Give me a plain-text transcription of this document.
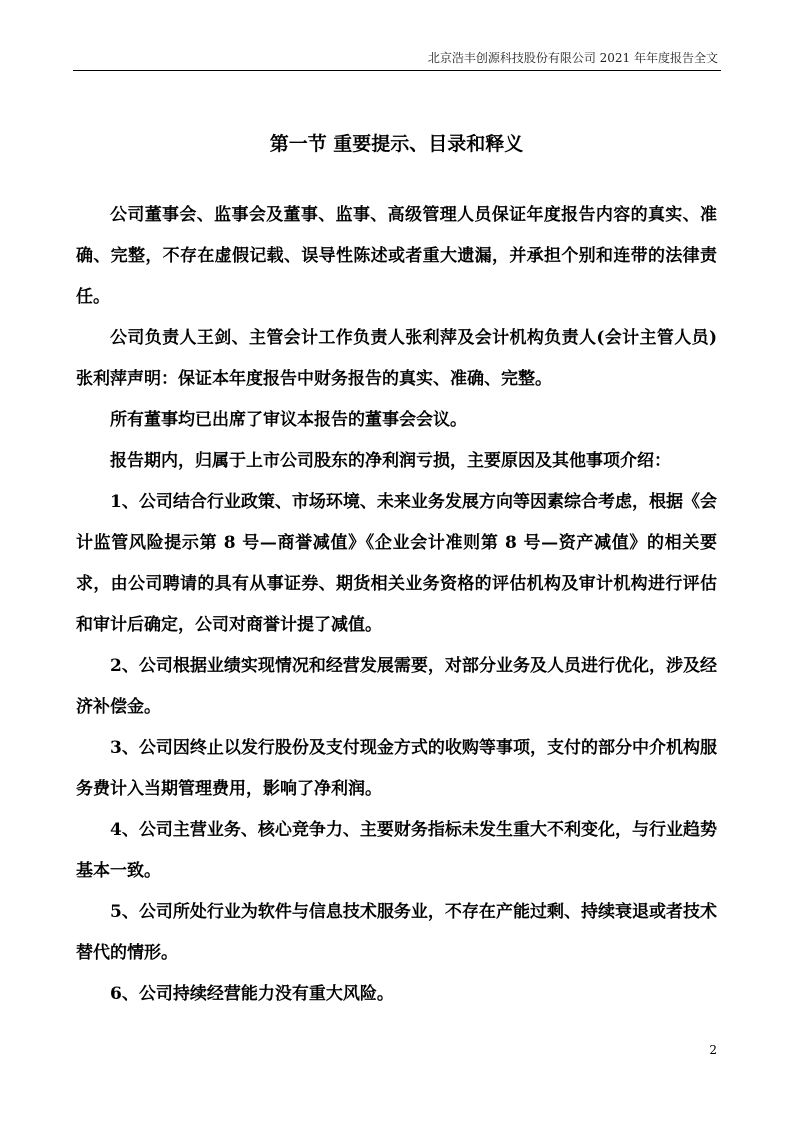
北京浩丰创源科技股份有限公司 2021 年年度报告全文
第一节 重要提示、目录和释义

公司董事会、监事会及董事、监事、高级管理人员保证年度报告内容的真实、准确、完整，不存在虚假记载、误导性陈述或者重大遗漏，并承担个别和连带的法律责任。

公司负责人王剑、主管会计工作负责人张利萍及会计机构负责人(会计主管人员)张利萍声明：保证本年度报告中财务报告的真实、准确、完整。

所有董事均已出席了审议本报告的董事会会议。

报告期内，归属于上市公司股东的净利润亏损，主要原因及其他事项介绍：

1、公司结合行业政策、市场环境、未来业务发展方向等因素综合考虑，根据《会计监管风险提示第 8 号—商誉减值》《企业会计准则第 8 号—资产减值》的相关要求，由公司聘请的具有从事证券、期货相关业务资格的评估机构及审计机构进行评估和审计后确定，公司对商誉计提了减值。

2、公司根据业绩实现情况和经营发展需要，对部分业务及人员进行优化，涉及经济补偿金。

3、公司因终止以发行股份及支付现金方式的收购等事项，支付的部分中介机构服务费计入当期管理费用，影响了净利润。

4、公司主营业务、核心竞争力、主要财务指标未发生重大不利变化，与行业趋势基本一致。

5、公司所处行业为软件与信息技术服务业，不存在产能过剩、持续衰退或者技术替代的情形。

6、公司持续经营能力没有重大风险。

2
